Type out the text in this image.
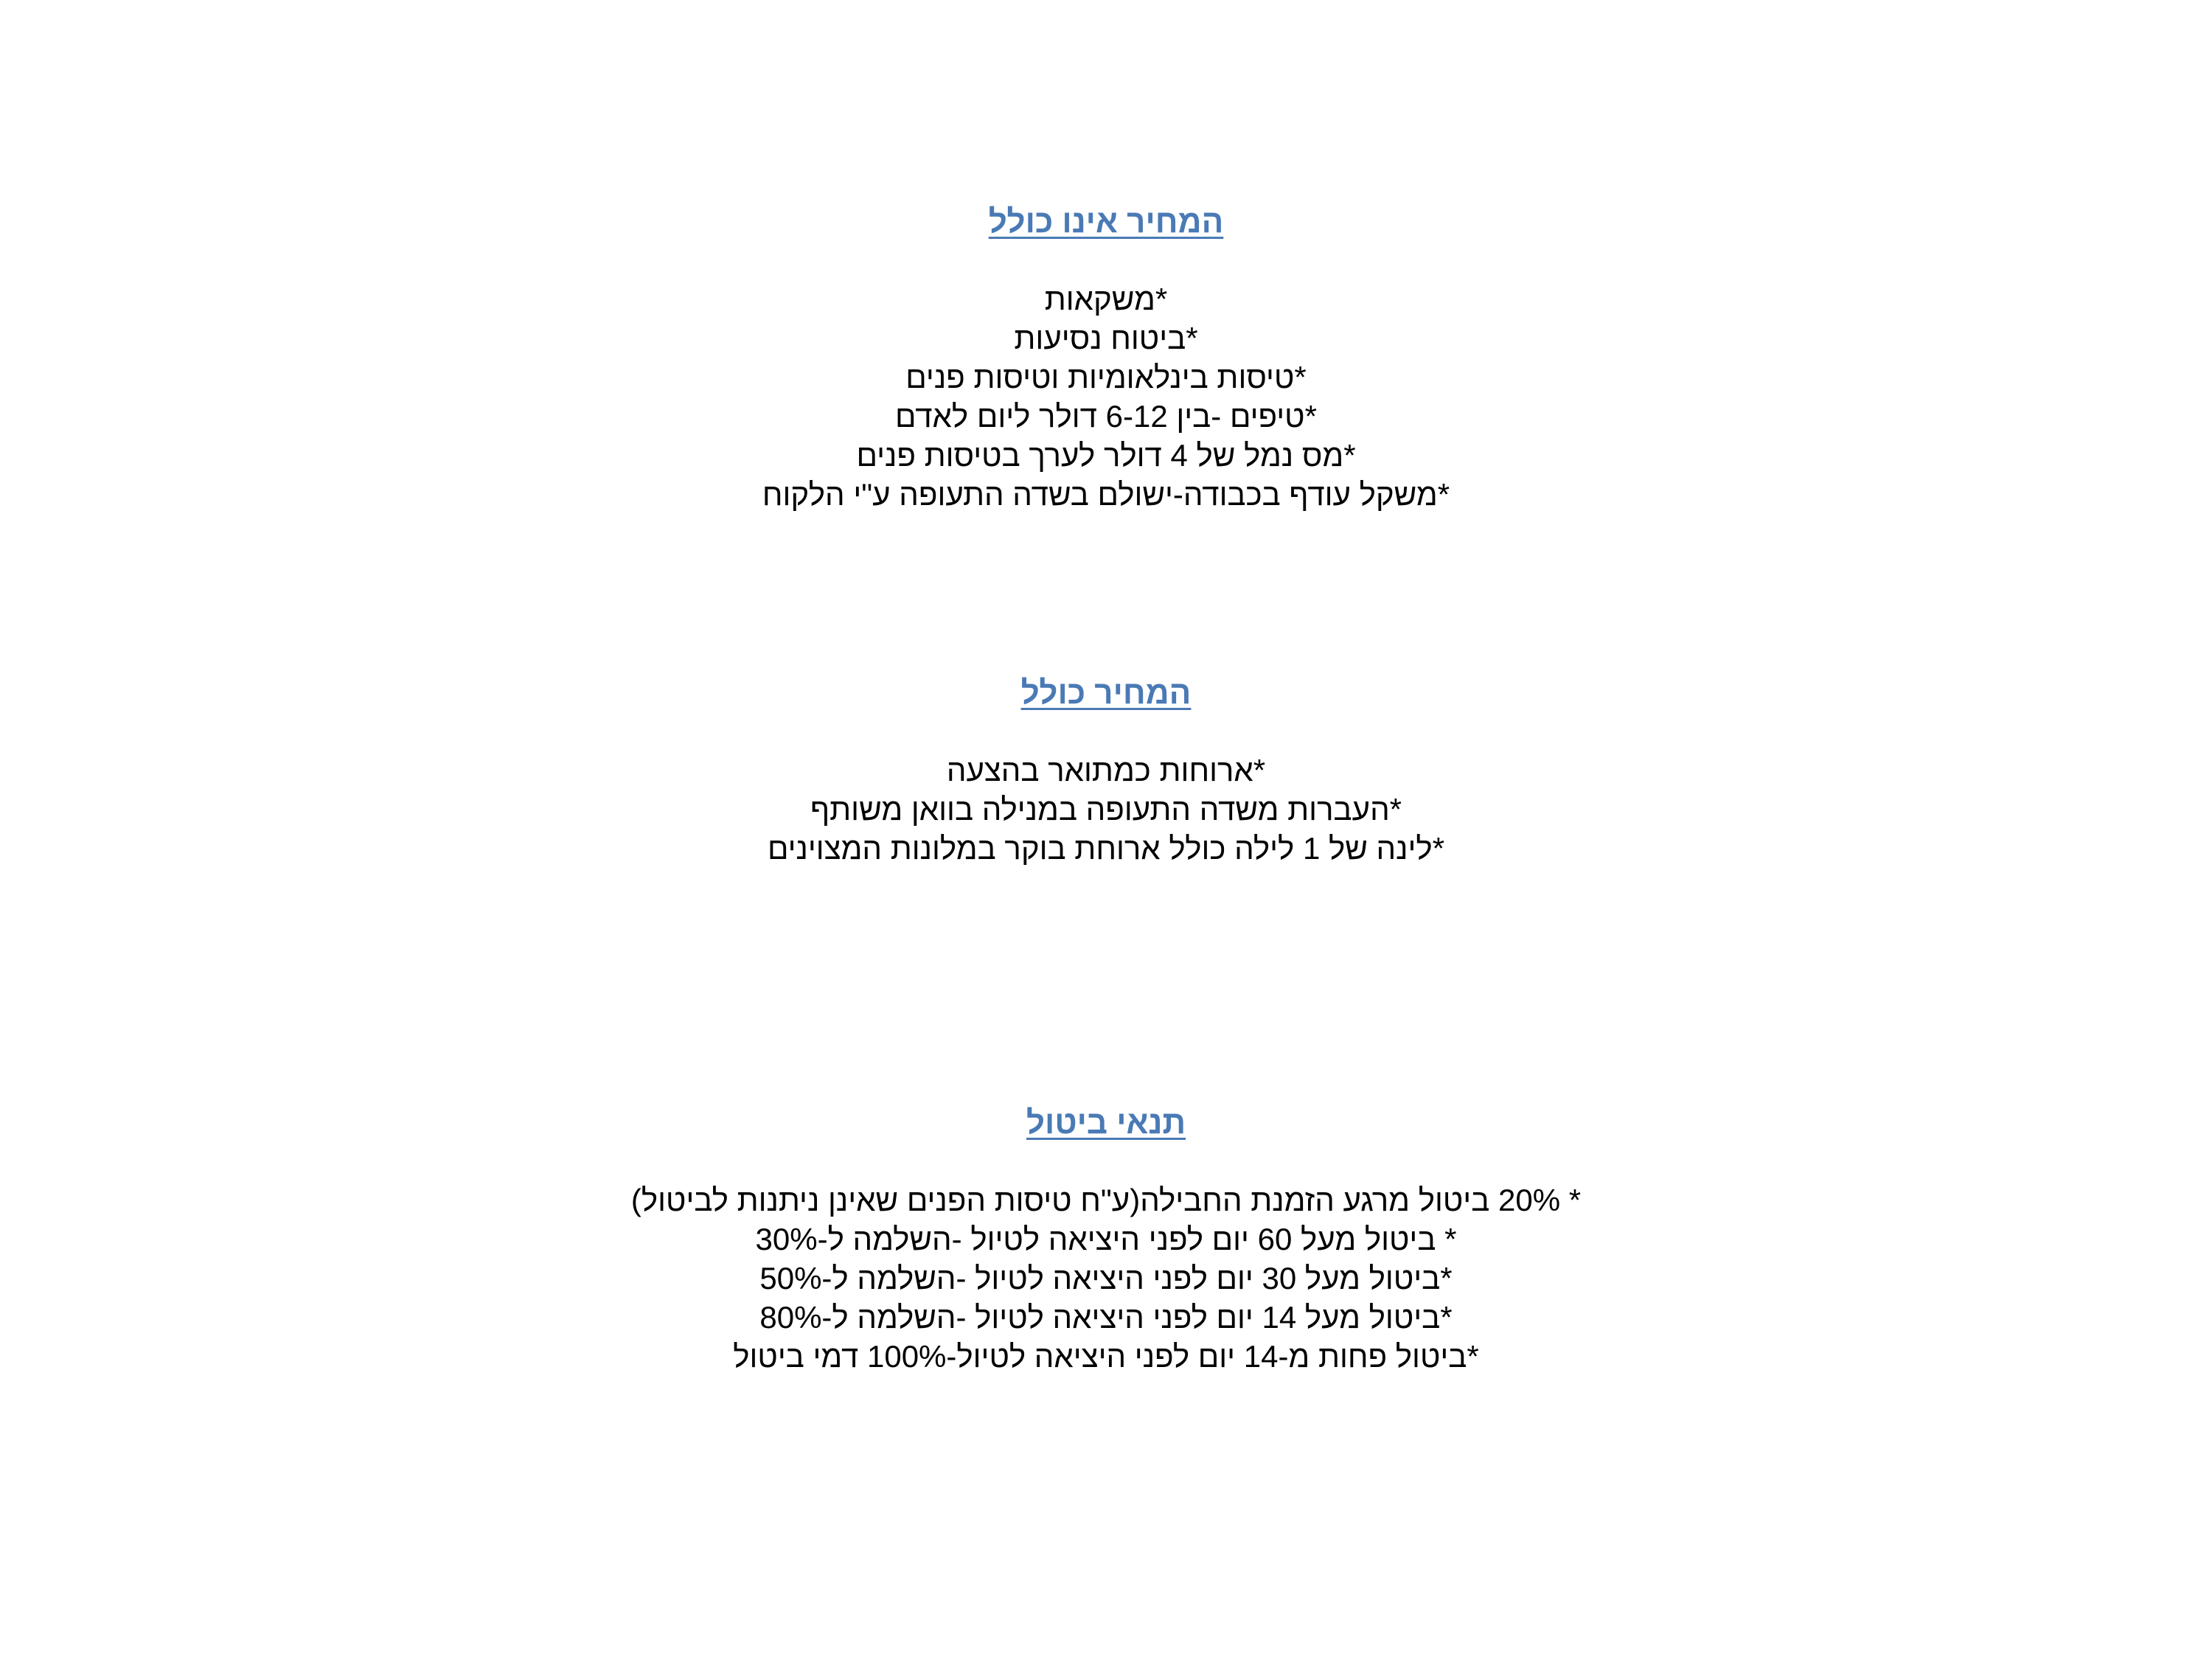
המחיר אינו כולל
*משקאות
*ביטוח נסיעות
*טיסות בינלאומיות וטיסות פנים
*טיפים -בין 6-12 דולר ליום לאדם
*מס נמל של 4 דולר לערך בטיסות פנים
*משקל עודף בכבודה-ישולם בשדה התעופה ע"י הלקוח
המחיר כולל
*ארוחות כמתואר בהצעה
*העברות משדה התעופה במנילה בוואן משותף
*לינה של 1 לילה כולל ארוחת בוקר במלונות המצוינים
תנאי ביטול
* 20% ביטול מרגע הזמנת החבילה(ע"ח טיסות הפנים שאינן ניתנות לביטול)
* ביטול מעל 60 יום לפני היציאה לטיול -השלמה ל-30%
*ביטול מעל 30 יום לפני היציאה לטיול -השלמה ל-50%
*ביטול מעל 14 יום לפני היציאה לטיול -השלמה ל-80%
*ביטול פחות מ-14 יום לפני היציאה לטיול-100% דמי ביטול
